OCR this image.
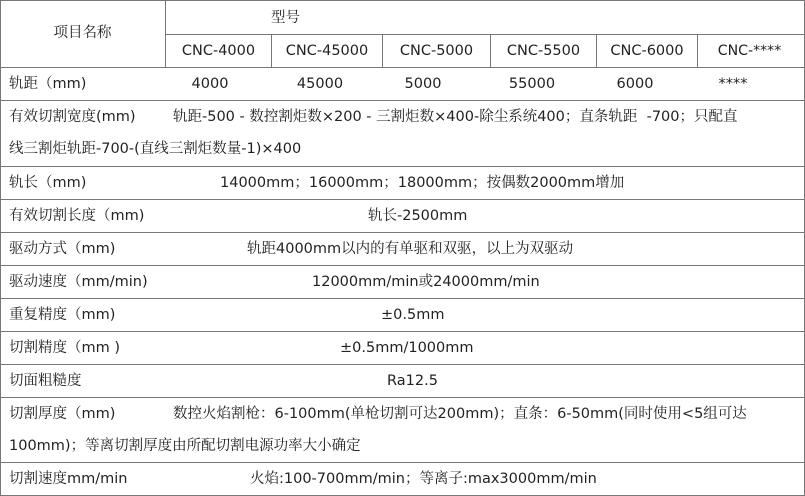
项目名称
型号
CNC-4000	CNC-45000	CNC-5000	CNC-5500	CNC-6000	CNC-****
轨距（mm)	4000	45000	5000	55000	6000	****
有效切割宽度(mm)	轨距-500 - 数控割炬数×200 - 三割炬数×400-除尘系统400；直条轨距  -700；只配直
线三割炬轨距-700-(直线三割炬数量-1)×400
轨长（mm)	14000mm；16000mm；18000mm；按偶数2000mm增加
有效切割长度（mm)	轨长-2500mm
驱动方式（mm)	轨距4000mm以内的有单驱和双驱，以上为双驱动
驱动速度（mm/min)	12000mm/min或24000mm/min
重复精度（mm)	±0.5mm
切割精度（mm )	±0.5mm/1000mm
切面粗糙度	Ra12.5
切割厚度（mm)	数控火焰割枪：6-100mm(单枪切割可达200mm)；直条：6-50mm(同时使用<5组可达
100mm)；等离切割厚度由所配切割电源功率大小确定
切割速度mm/min	火焰:100-700mm/min；等离子:max3000mm/min
